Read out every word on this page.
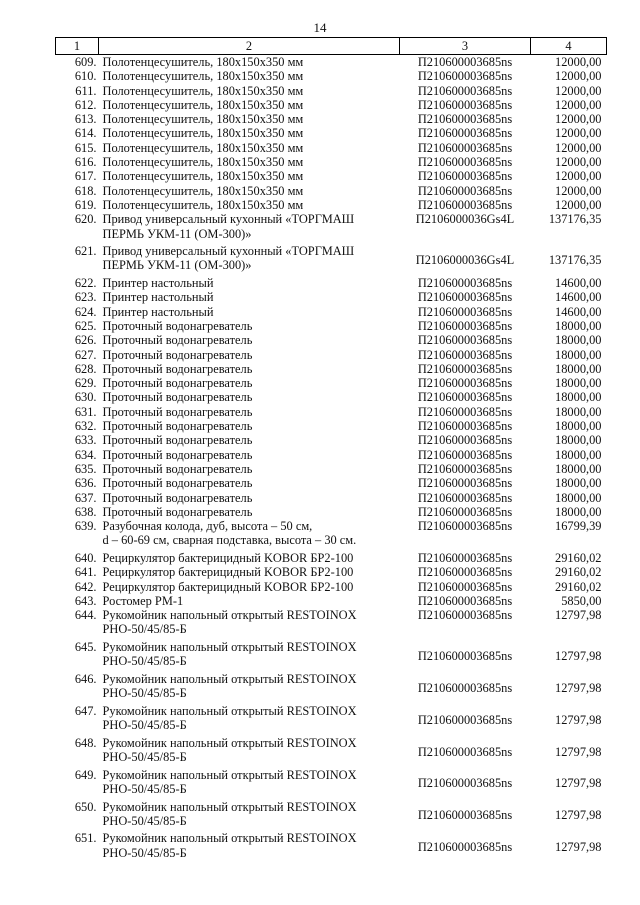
14
1	2	3	4
609.	Полотенцесушитель, 180х150х350 мм	П210600003685ns	12000,00
610.	Полотенцесушитель, 180х150х350 мм	П210600003685ns	12000,00
611.	Полотенцесушитель, 180х150х350 мм	П210600003685ns	12000,00
612.	Полотенцесушитель, 180х150х350 мм	П210600003685ns	12000,00
613.	Полотенцесушитель, 180х150х350 мм	П210600003685ns	12000,00
614.	Полотенцесушитель, 180х150х350 мм	П210600003685ns	12000,00
615.	Полотенцесушитель, 180х150х350 мм	П210600003685ns	12000,00
616.	Полотенцесушитель, 180х150х350 мм	П210600003685ns	12000,00
617.	Полотенцесушитель, 180х150х350 мм	П210600003685ns	12000,00
618.	Полотенцесушитель, 180х150х350 мм	П210600003685ns	12000,00
619.	Полотенцесушитель, 180х150х350 мм	П210600003685ns	12000,00
620.	Привод универсальный кухонный «ТОРГМАШ
ПЕРМЬ УКМ-11 (ОМ-300)»	П2106000036Gs4L	137176,35
621.	Привод универсальный кухонный «ТОРГМАШ
ПЕРМЬ УКМ-11 (ОМ-300)»	П2106000036Gs4L	137176,35
622.	Принтер настольный	П210600003685ns	14600,00
623.	Принтер настольный	П210600003685ns	14600,00
624.	Принтер настольный	П210600003685ns	14600,00
625.	Проточный водонагреватель	П210600003685ns	18000,00
626.	Проточный водонагреватель	П210600003685ns	18000,00
627.	Проточный водонагреватель	П210600003685ns	18000,00
628.	Проточный водонагреватель	П210600003685ns	18000,00
629.	Проточный водонагреватель	П210600003685ns	18000,00
630.	Проточный водонагреватель	П210600003685ns	18000,00
631.	Проточный водонагреватель	П210600003685ns	18000,00
632.	Проточный водонагреватель	П210600003685ns	18000,00
633.	Проточный водонагреватель	П210600003685ns	18000,00
634.	Проточный водонагреватель	П210600003685ns	18000,00
635.	Проточный водонагреватель	П210600003685ns	18000,00
636.	Проточный водонагреватель	П210600003685ns	18000,00
637.	Проточный водонагреватель	П210600003685ns	18000,00
638.	Проточный водонагреватель	П210600003685ns	18000,00
639.	Разубочная колода, дуб, высота – 50 см,
d – 60-69 см, сварная подставка, высота – 30 см.	П210600003685ns	16799,39
640.	Рециркулятор бактерицидный KOBOR БР2-100	П210600003685ns	29160,02
641.	Рециркулятор бактерицидный KOBOR БР2-100	П210600003685ns	29160,02
642.	Рециркулятор бактерицидный KOBOR БР2-100	П210600003685ns	29160,02
643.	Ростомер РМ-1	П210600003685ns	5850,00
644.	Рукомойник напольный открытый RESTOINOX
РНО-50/45/85-Б	П210600003685ns	12797,98
645.	Рукомойник напольный открытый RESTOINOX
РНО-50/45/85-Б	П210600003685ns	12797,98
646.	Рукомойник напольный открытый RESTOINOX
РНО-50/45/85-Б	П210600003685ns	12797,98
647.	Рукомойник напольный открытый RESTOINOX
РНО-50/45/85-Б	П210600003685ns	12797,98
648.	Рукомойник напольный открытый RESTOINOX
РНО-50/45/85-Б	П210600003685ns	12797,98
649.	Рукомойник напольный открытый RESTOINOX
РНО-50/45/85-Б	П210600003685ns	12797,98
650.	Рукомойник напольный открытый RESTOINOX
РНО-50/45/85-Б	П210600003685ns	12797,98
651.	Рукомойник напольный открытый RESTOINOX
РНО-50/45/85-Б	П210600003685ns	12797,98
